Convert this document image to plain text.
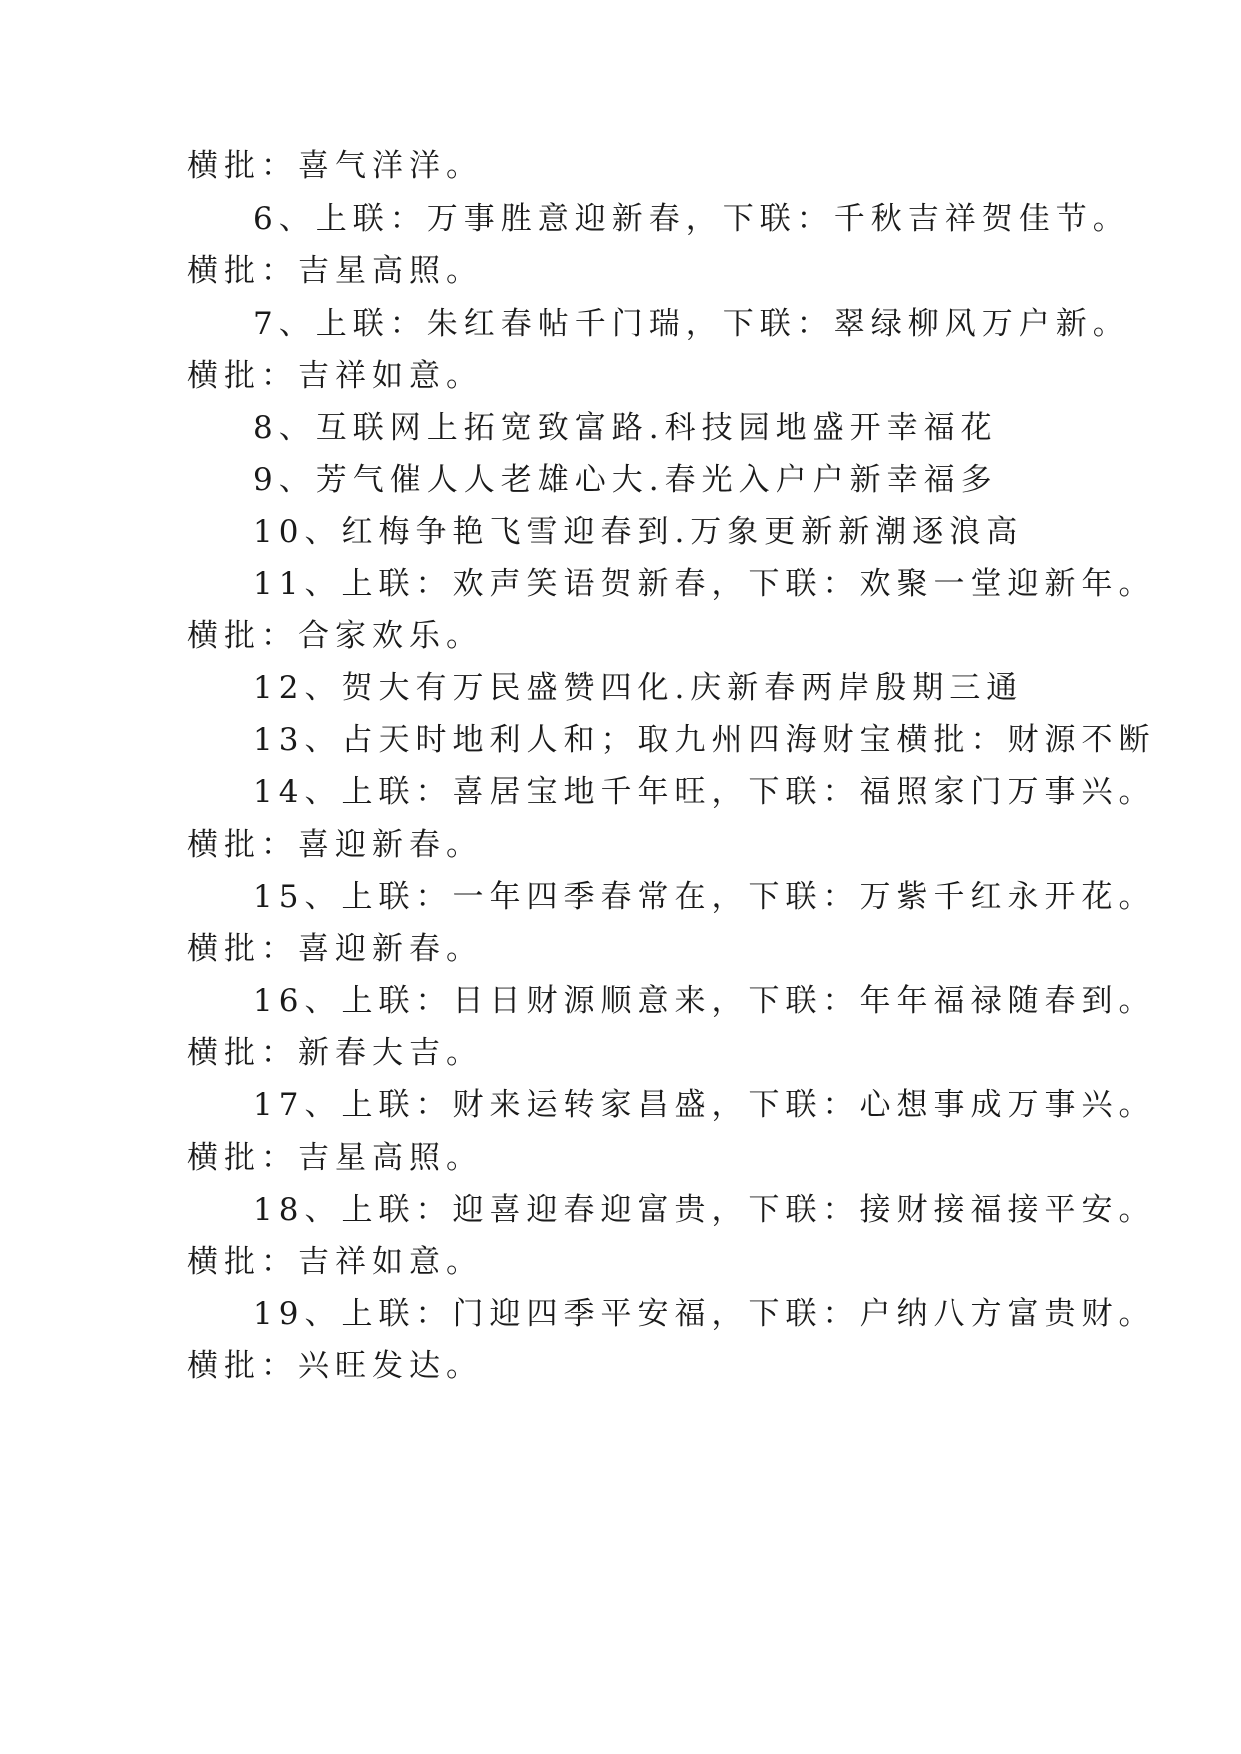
横批：喜气洋洋。
6、上联：万事胜意迎新春，下联：千秋吉祥贺佳节。
横批：吉星高照。
7、上联：朱红春帖千门瑞，下联：翠绿柳风万户新。
横批：吉祥如意。
8、互联网上拓宽致富路.科技园地盛开幸福花
9、芳气催人人老雄心大.春光入户户新幸福多
10、红梅争艳飞雪迎春到.万象更新新潮逐浪高
11、上联：欢声笑语贺新春，下联：欢聚一堂迎新年。
横批：合家欢乐。
12、贺大有万民盛赞四化.庆新春两岸殷期三通
13、占天时地利人和；取九州四海财宝横批：财源不断
14、上联：喜居宝地千年旺，下联：福照家门万事兴。
横批：喜迎新春。
15、上联：一年四季春常在，下联：万紫千红永开花。
横批：喜迎新春。
16、上联：日日财源顺意来，下联：年年福禄随春到。
横批：新春大吉。
17、上联：财来运转家昌盛，下联：心想事成万事兴。
横批：吉星高照。
18、上联：迎喜迎春迎富贵，下联：接财接福接平安。
横批：吉祥如意。
19、上联：门迎四季平安福，下联：户纳八方富贵财。
横批：兴旺发达。
